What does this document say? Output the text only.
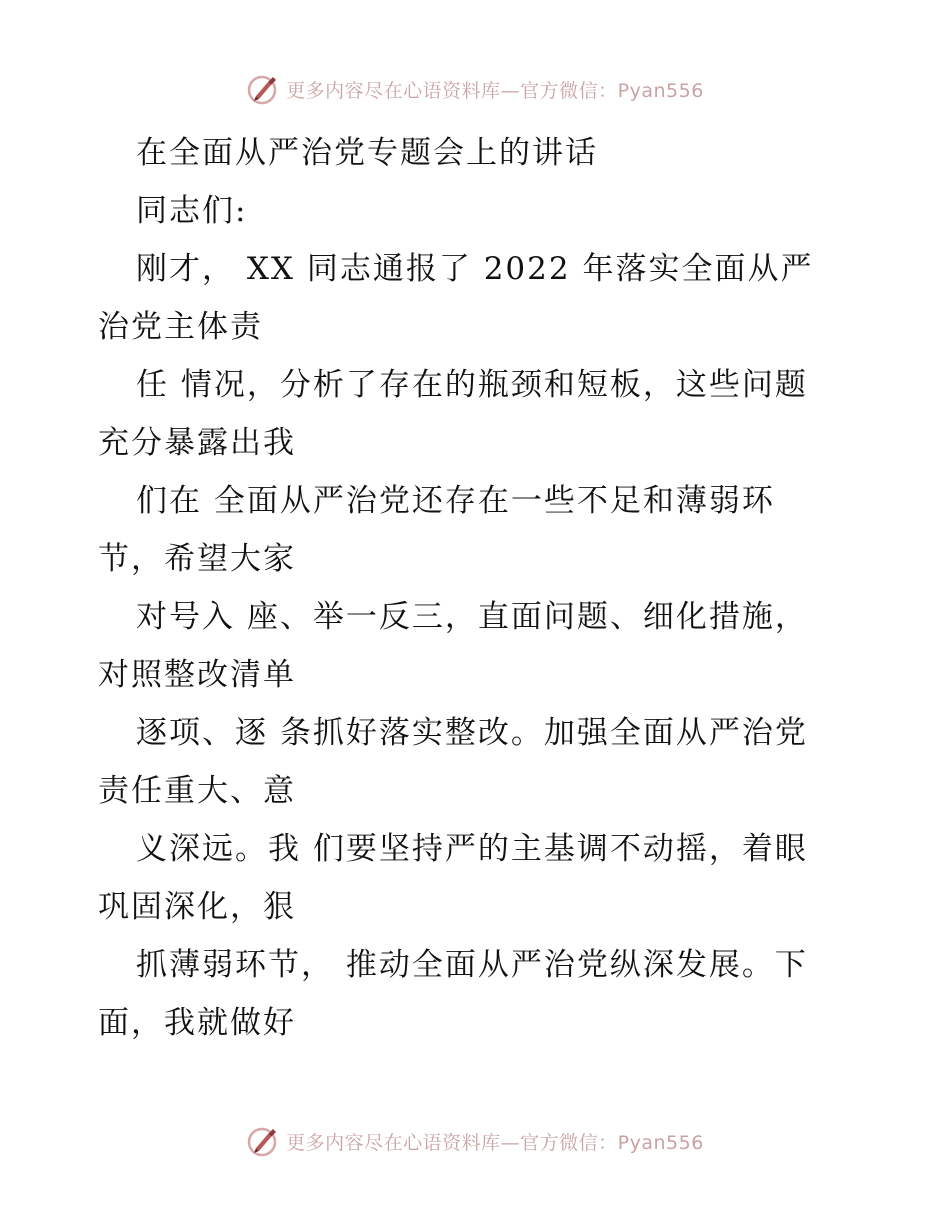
更多内容尽在心语资料库—官方微信：Pyan556
在全面从严治党专题会上的讲话
同志们:
刚才， XX 同志通报了 2022 年落实全面从严
治党主体责
任 情况，分析了存在的瓶颈和短板，这些问题
充分暴露出我
们在 全面从严治党还存在一些不足和薄弱环
节，希望大家
对号入 座、举一反三，直面问题、细化措施，
对照整改清单
逐项、逐 条抓好落实整改。加强全面从严治党
责任重大、意
义深远。我 们要坚持严的主基调不动摇，着眼
巩固深化，狠
抓薄弱环节， 推动全面从严治党纵深发展。下
面，我就做好
更多内容尽在心语资料库—官方微信：Pyan556
